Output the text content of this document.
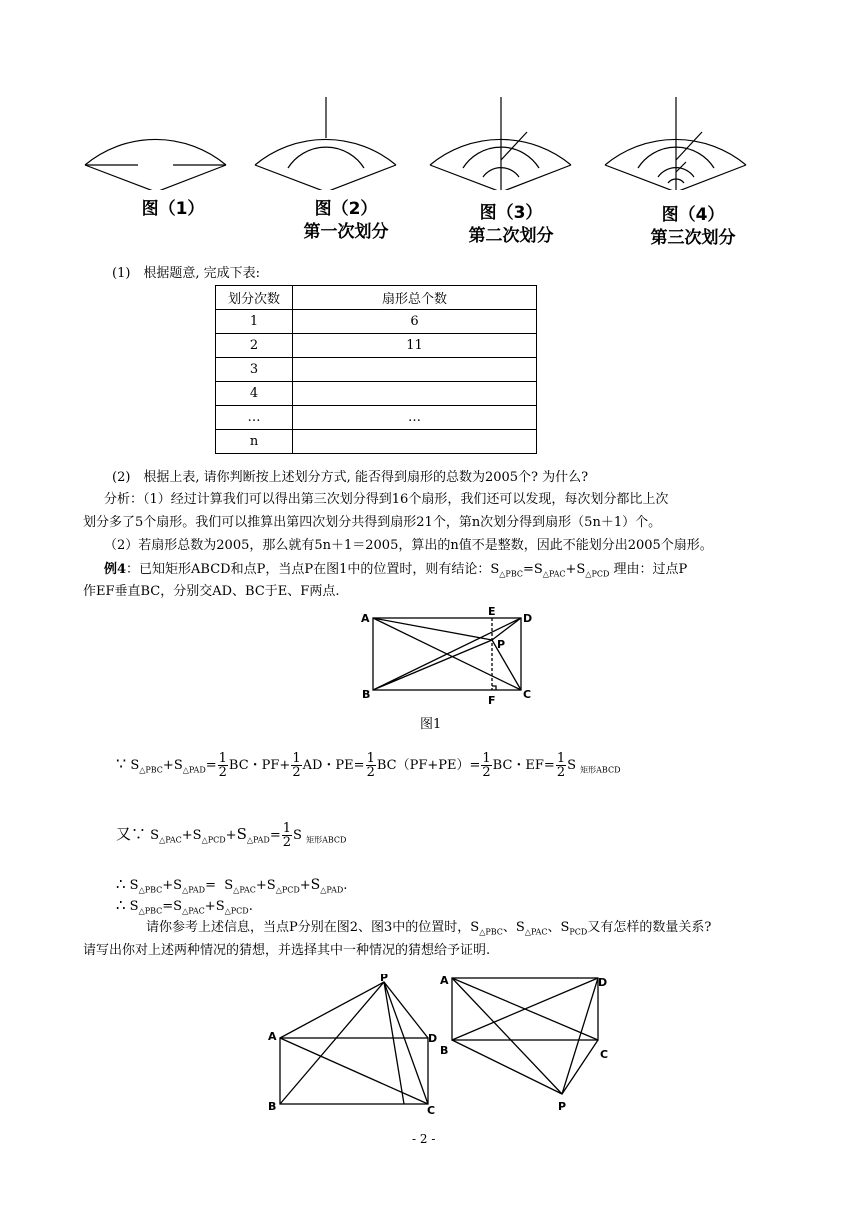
图（1）	图（2）
第一次划分
图（3）
第二次划分
图（4）
第三次划分
(1)　根据题意, 完成下表:
划分次数	扇形总个数
1	6
2	11
3	
4	
…	…
n	
(2)　根据上表, 请你判断按上述划分方式, 能否得到扇形的总数为2005个? 为什么?
分析：（1）经过计算我们可以得出第三次划分得到16个扇形，我们还可以发现，每次划分都比上次
划分多了5个扇形。我们可以推算出第四次划分共得到扇形21个，第n次划分得到扇形（5n＋1）个。
（2）若扇形总数为2005，那么就有5n＋1＝2005，算出的n值不是整数，因此不能划分出2005个扇形。
例4：已知矩形ABCD和点P，当点P在图1中的位置时，则有结论：$S_{\triangle PBC}=S_{\triangle PAC}+S_{\triangle PCD}$ 理由：过点P
作EF垂直BC，分别交AD、BC于E、F两点.
A
B	C
D
E
F
P
图1
∵ $S_{\triangle PBC}+S_{\triangle PAD}= \frac{1}{2}$ BC・$PF+ \frac{1}{2}$ AD・$PE= \frac{1}{2} BC(PF+PE)= \frac{1}{2}$ BC・$EF= \frac{1}{2}$ S $_{矩形ABCD}$
又∵ $S_{\triangle PAC}+S_{\triangle PCD}+S_{\triangle PAD}= \frac{1}{2}$ S $_{矩形ABCD}$
∴ $S_{\triangle PBC}+S_{\triangle PAD}= S_{\triangle PAC}+S_{\triangle PCD}+S_{\triangle PAD}$.
∴ $S_{\triangle PBC}=S_{\triangle PAC}+S_{\triangle PCD}$.
请你参考上述信息，当点P分别在图2、图3中的位置时，$S_{\triangle PBC}$、$S_{\triangle PAC}$、$S_{PCD}$又有怎样的数量关系?
请写出你对上述两种情况的猜想，并选择其中一种情况的猜想给予证明.
A
B	C
D
P	A
B	C
D
P
- 2 -
